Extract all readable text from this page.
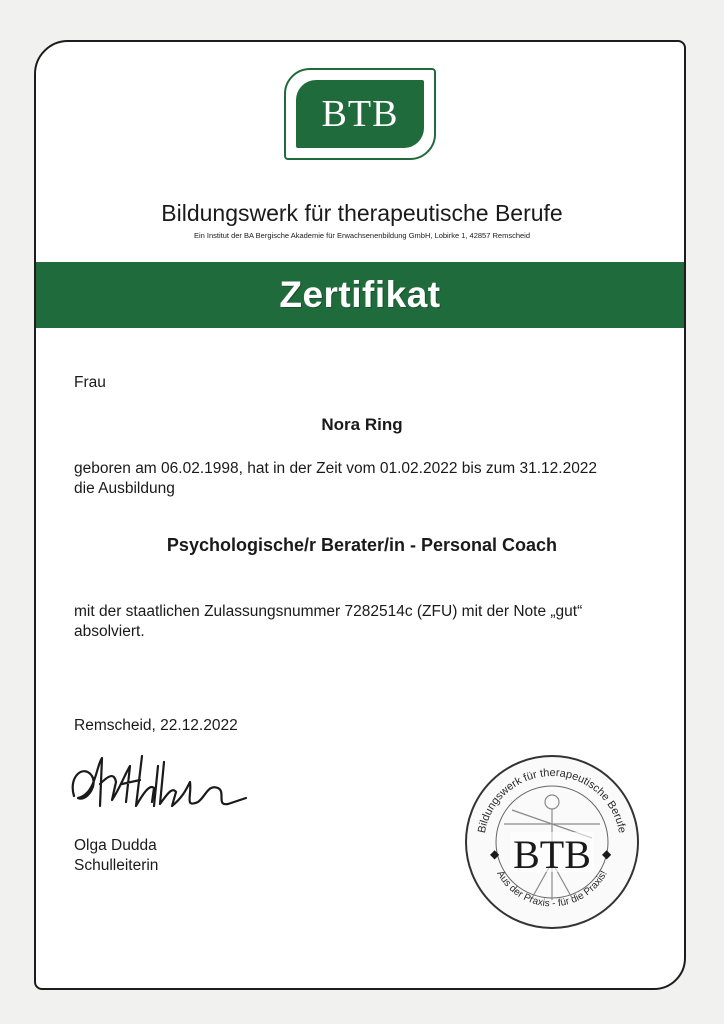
BTB
Bildungswerk für therapeutische Berufe
Ein Institut der BA Bergische Akademie für Erwachsenenbildung GmbH, Lobirke 1, 42857 Remscheid
Zertifikat
Frau
Nora Ring
geboren am 06.02.1998, hat in der Zeit vom 01.02.2022 bis zum 31.12.2022
die Ausbildung
Psychologische/r Berater/in - Personal Coach
mit der staatlichen Zulassungsnummer 7282514c (ZFU) mit der Note „gut“
absolviert.
Remscheid, 22.12.2022
Olga Dudda
Schulleiterin
Bildungswerk für therapeutische Berufe
Aus der Praxis - für die Praxis!
BTB
◆	◆
